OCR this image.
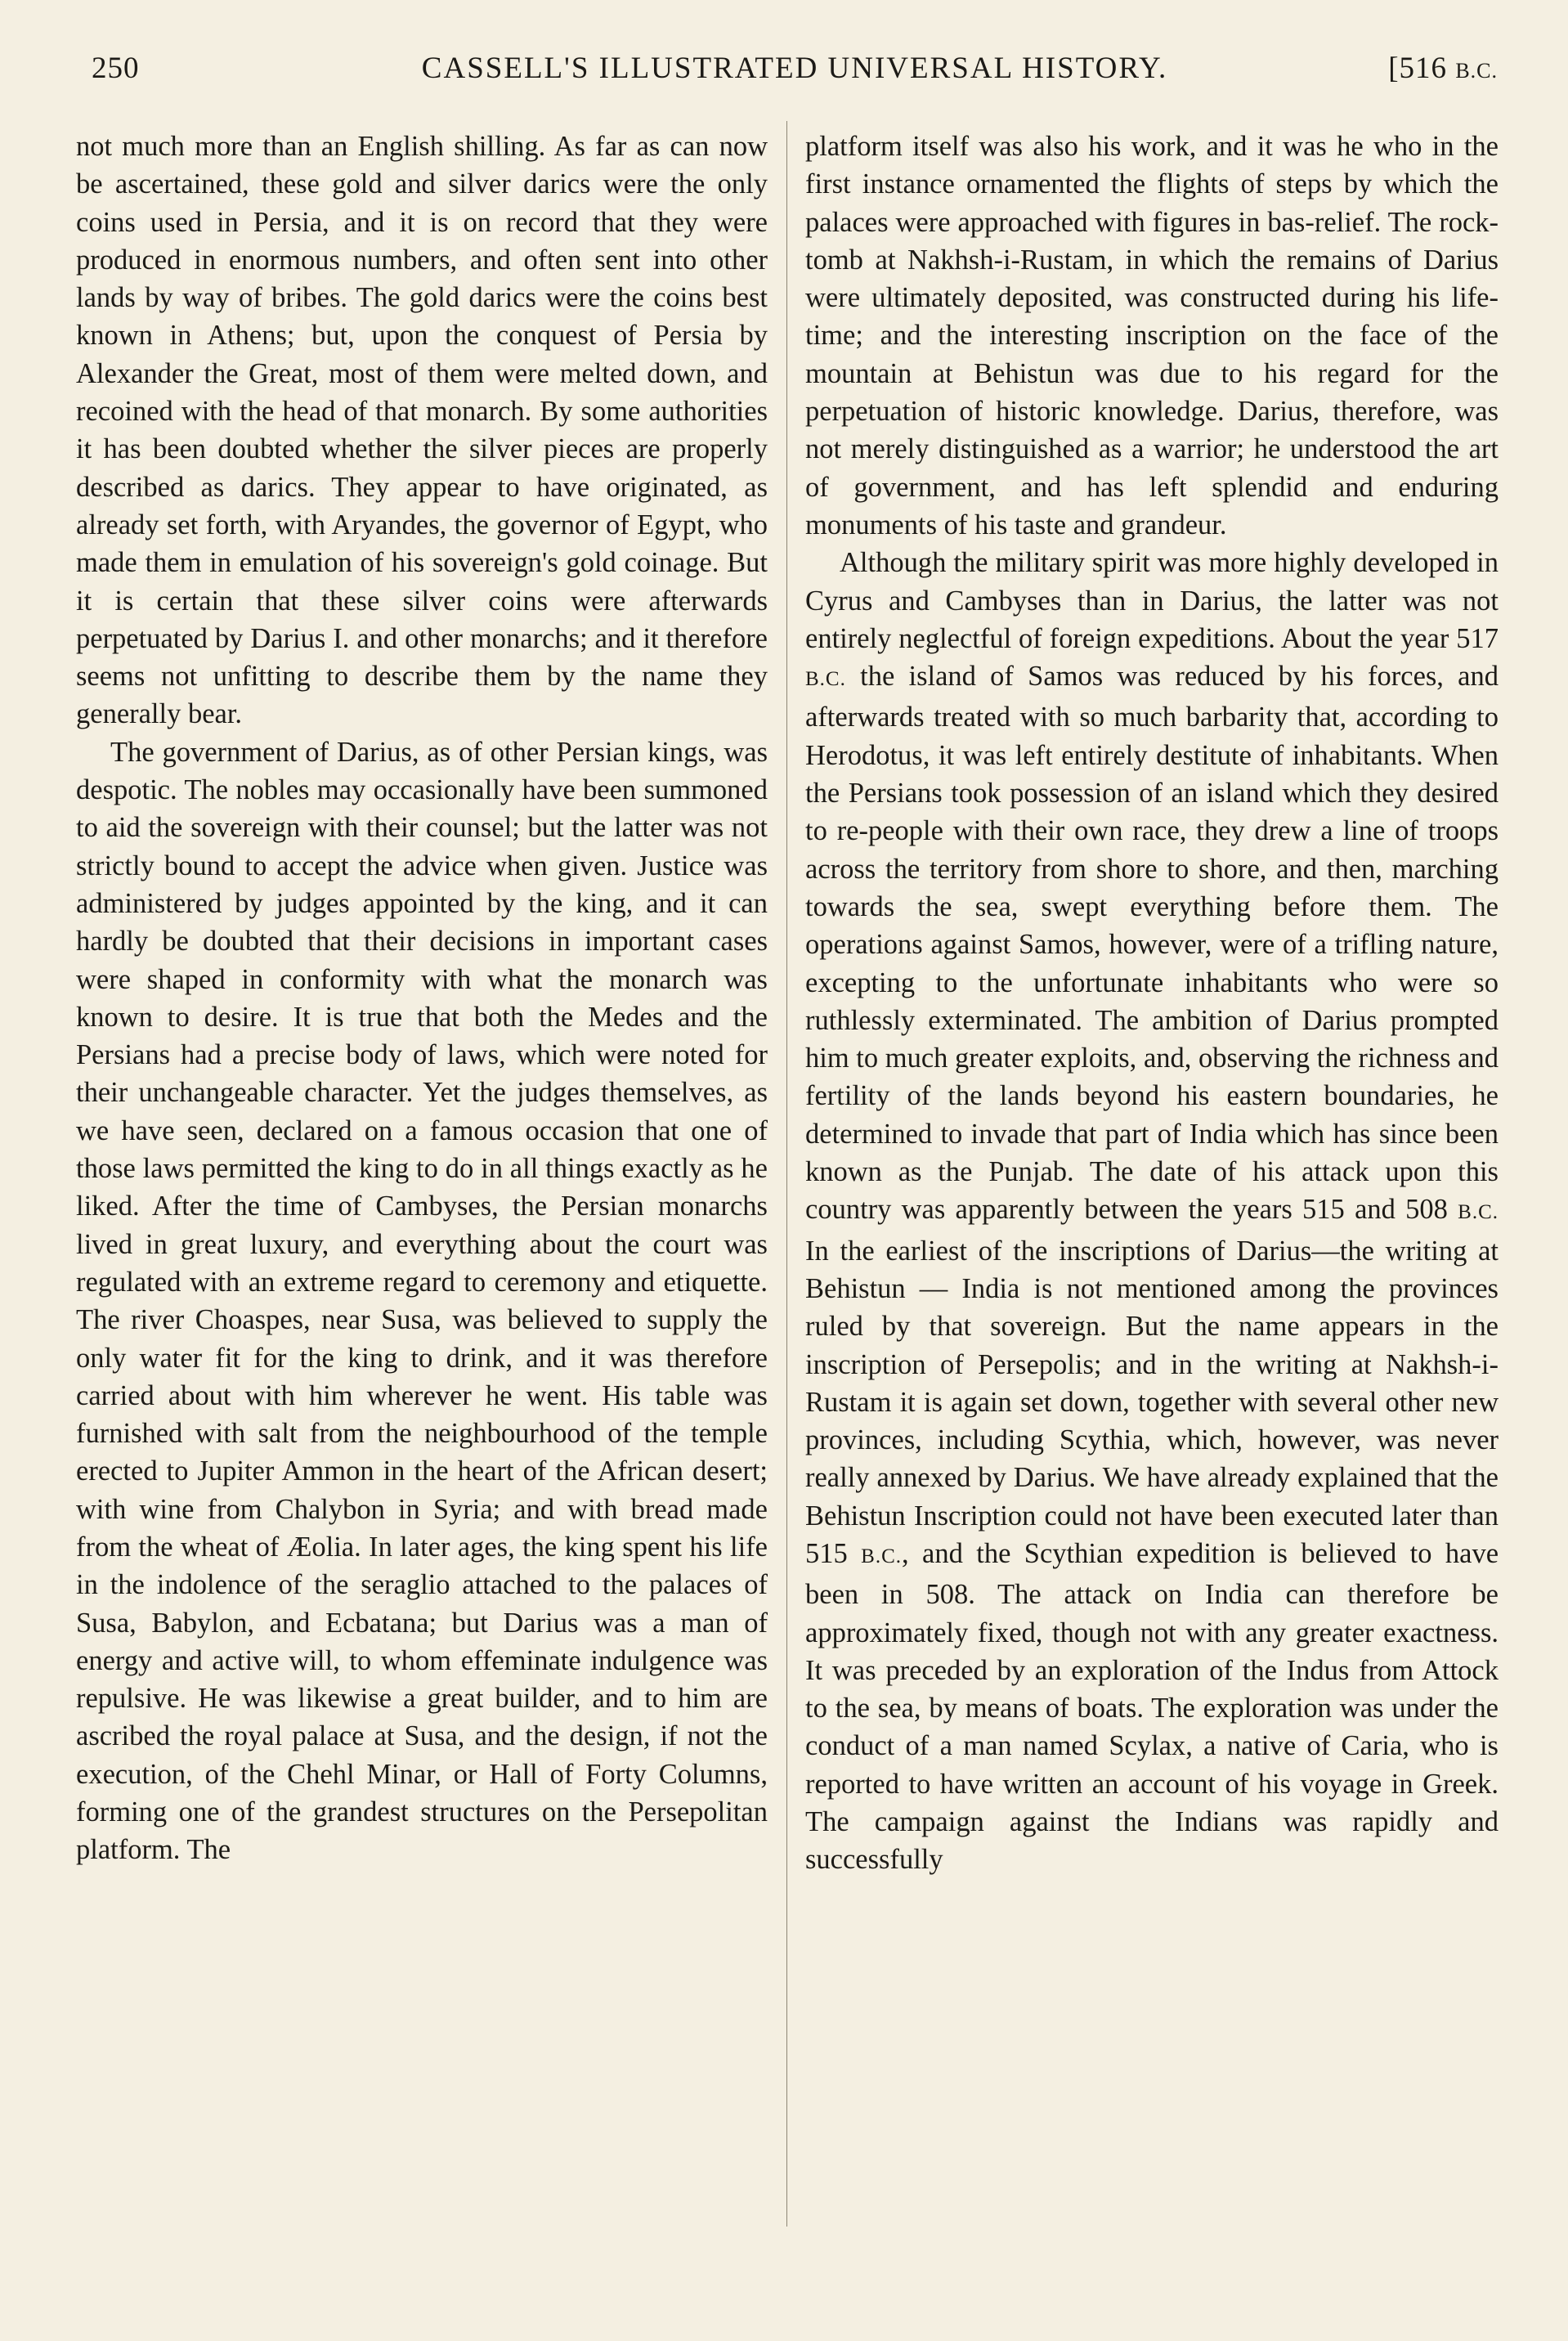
250	CASSELL'S ILLUSTRATED UNIVERSAL HISTORY.	[516 B.C.

not much more than an English shilling. As far as can now be ascertained, these gold and silver darics were the only coins used in Persia, and it is on record that they were produced in enormous numbers, and often sent into other lands by way of bribes. The gold darics were the coins best known in Athens; but, upon the conquest of Persia by Alexander the Great, most of them were melted down, and recoined with the head of that monarch. By some authorities it has been doubted whether the silver pieces are properly described as darics. They appear to have originated, as already set forth, with Aryandes, the governor of Egypt, who made them in emulation of his sovereign's gold coinage. But it is certain that these silver coins were afterwards perpetuated by Darius I. and other monarchs; and it therefore seems not unfitting to describe them by the name they generally bear.

The government of Darius, as of other Persian kings, was despotic. The nobles may occasionally have been summoned to aid the sovereign with their counsel; but the latter was not strictly bound to accept the advice when given. Justice was administered by judges appointed by the king, and it can hardly be doubted that their decisions in important cases were shaped in conformity with what the monarch was known to desire. It is true that both the Medes and the Persians had a precise body of laws, which were noted for their unchangeable character. Yet the judges themselves, as we have seen, declared on a famous occasion that one of those laws permitted the king to do in all things exactly as he liked. After the time of Cambyses, the Persian monarchs lived in great luxury, and everything about the court was regulated with an extreme regard to ceremony and etiquette. The river Choaspes, near Susa, was believed to supply the only water fit for the king to drink, and it was therefore carried about with him wherever he went. His table was furnished with salt from the neighbourhood of the temple erected to Jupiter Ammon in the heart of the African desert; with wine from Chalybon in Syria; and with bread made from the wheat of Æolia. In later ages, the king spent his life in the indolence of the seraglio attached to the palaces of Susa, Babylon, and Ecbatana; but Darius was a man of energy and active will, to whom effeminate indulgence was repulsive. He was likewise a great builder, and to him are ascribed the royal palace at Susa, and the design, if not the execution, of the Chehl Minar, or Hall of Forty Columns, forming one of the grandest structures on the Persepolitan platform. The

platform itself was also his work, and it was he who in the first instance ornamented the flights of steps by which the palaces were approached with figures in bas-relief. The rock-tomb at Nakhsh-i-Rustam, in which the remains of Darius were ultimately deposited, was constructed during his life-time; and the interesting inscription on the face of the mountain at Behistun was due to his regard for the perpetuation of historic knowledge. Darius, therefore, was not merely distinguished as a warrior; he understood the art of government, and has left splendid and enduring monuments of his taste and grandeur.

Although the military spirit was more highly developed in Cyrus and Cambyses than in Darius, the latter was not entirely neglectful of foreign expeditions. About the year 517 B.C. the island of Samos was reduced by his forces, and afterwards treated with so much barbarity that, according to Herodotus, it was left entirely destitute of inhabitants. When the Persians took possession of an island which they desired to re-people with their own race, they drew a line of troops across the territory from shore to shore, and then, marching towards the sea, swept everything before them. The operations against Samos, however, were of a trifling nature, excepting to the unfortunate inhabitants who were so ruthlessly exterminated. The ambition of Darius prompted him to much greater exploits, and, observing the richness and fertility of the lands beyond his eastern boundaries, he determined to invade that part of India which has since been known as the Punjab. The date of his attack upon this country was apparently between the years 515 and 508 B.C. In the earliest of the inscriptions of Darius—the writing at Behistun — India is not mentioned among the provinces ruled by that sovereign. But the name appears in the inscription of Persepolis; and in the writing at Nakhsh-i-Rustam it is again set down, together with several other new provinces, including Scythia, which, however, was never really annexed by Darius. We have already explained that the Behistun Inscription could not have been executed later than 515 B.C., and the Scythian expedition is believed to have been in 508. The attack on India can therefore be approximately fixed, though not with any greater exactness. It was preceded by an exploration of the Indus from Attock to the sea, by means of boats. The exploration was under the conduct of a man named Scylax, a native of Caria, who is reported to have written an account of his voyage in Greek. The campaign against the Indians was rapidly and successfully
